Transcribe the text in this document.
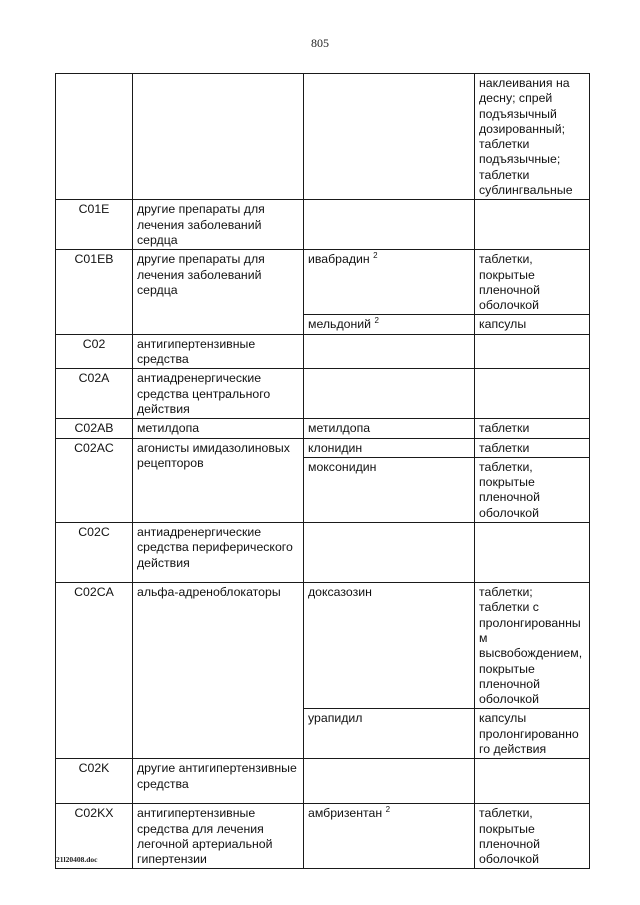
805
			наклеивания на десну; спрей подъязычный дозированный; таблетки подъязычные; таблетки сублингвальные
C01E	другие препараты для лечения заболеваний сердца		
C01EB	другие препараты для лечения заболеваний сердца	ивабрадин $^2$	таблетки, покрытые пленочной оболочкой
		мельдоний $^2$	капсулы
C02	антигипертензивные средства		
C02A	антиадренергические средства центрального действия		
C02AB	метилдопа	метилдопа	таблетки
C02AC	агонисты имидазолиновых рецепторов	клонидин	таблетки
		моксонидин	таблетки, покрытые пленочной оболочкой
C02C	антиадренергические средства периферического действия		
C02CA	альфа-адреноблокаторы	доксазозин	таблетки; таблетки с пролонгированны м высвобождением, покрытые пленочной оболочкой
		урапидил	капсулы пролонгированно го действия
C02K	другие антигипертензивные средства		
C02KX	антигипертензивные средства для лечения легочной артериальной гипертензии	амбризентан $^2$	таблетки, покрытые пленочной оболочкой
21l20408.doc
